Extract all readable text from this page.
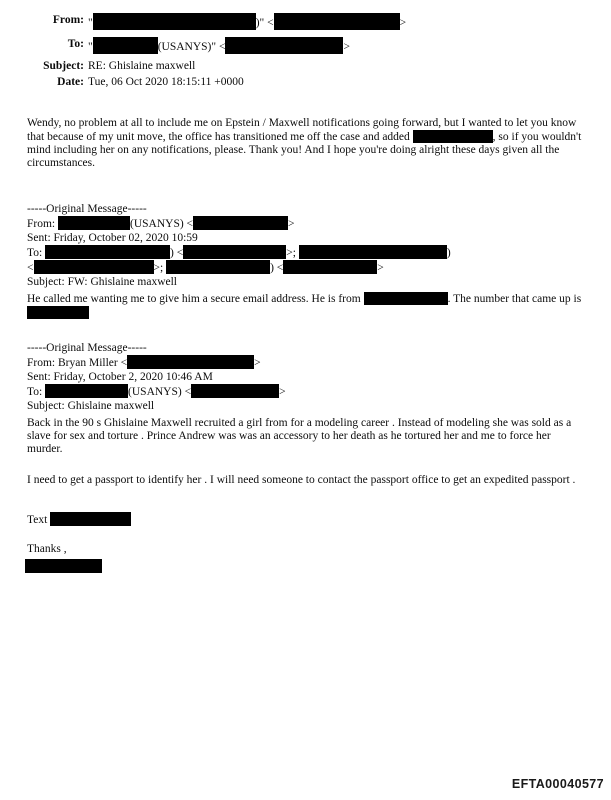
From: "	)" <	>
To: "	(USANYS)" <	>
Subject: RE: Ghislaine maxwell
Date: Tue, 06 Oct 2020 18:15:11 +0000
Wendy, no problem at all to include me on Epstein / Maxwell notifications going forward, but I wanted to let you know that because of my unit move, the office has transitioned me off the case and added	, so if you wouldn't mind including her on any notifications, please. Thank you! And I hope you're doing alright these days given all the circumstances.
-----Original Message-----
From:	(USANYS) <	>
Sent: Friday, October 02, 2020 10:59
To:	) <	>;	)
<	>;	) <	>
Subject: FW: Ghislaine maxwell
He called me wanting me to give him a secure email address. He is from	. The number that came up is
-----Original Message-----
From: Bryan Miller <	>
Sent: Friday, October 2, 2020 10:46 AM
To:	(USANYS) <	>
Subject: Ghislaine maxwell
Back in the 90 s Ghislaine Maxwell recruited a girl from for a modeling career . Instead of modeling she was sold as a slave for sex and torture . Prince Andrew was was an accessory to her death as he tortured her and me to force her murder.
I need to get a passport to identify her . I will need someone to contact the passport office to get an expedited passport .
Text
Thanks ,
EFTA00040577
